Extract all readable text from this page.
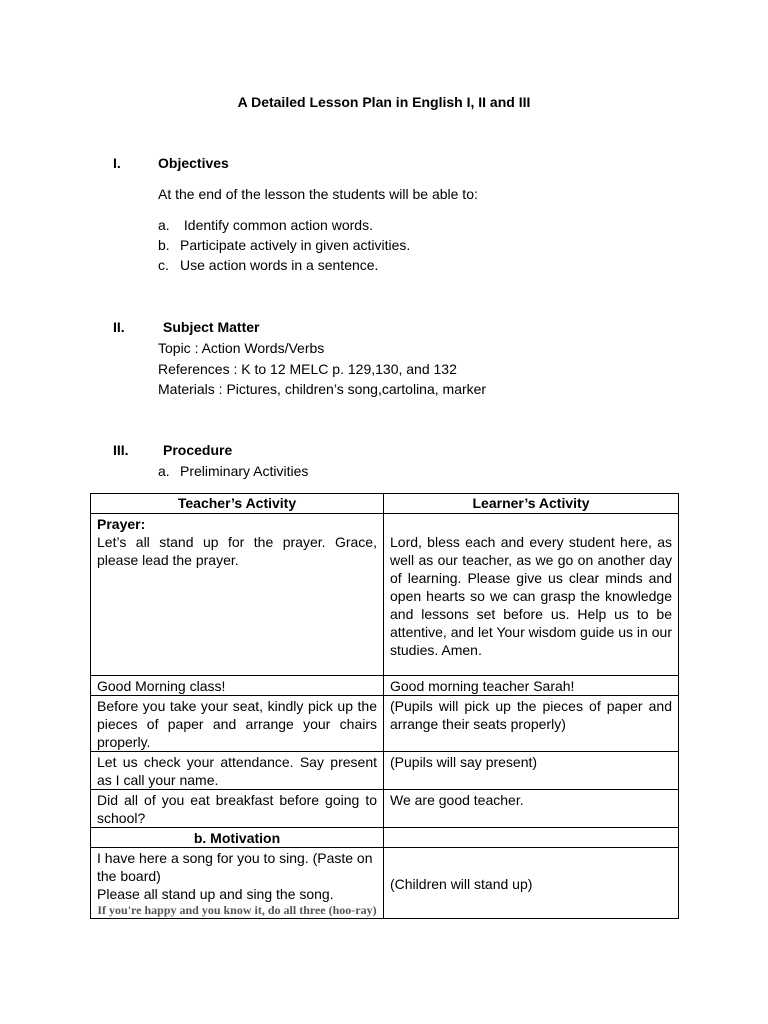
A Detailed Lesson Plan in English I, II and III
I.	Objectives
At the end of the lesson the students will be able to:
a. Identify common action words.
b. Participate actively in given activities.
c. Use action words in a sentence.
II.	Subject Matter
Topic : Action Words/Verbs
References : K to 12 MELC p. 129,130, and 132
Materials : Pictures, children’s song,cartolina, marker
III. Procedure
a. Preliminary Activities
Teacher’s Activity	Learner’s Activity

Prayer:
Let’s all stand up for the prayer. Grace, please lead the prayer.	Lord, bless each and every student here, as well as our teacher, as we go on another day of learning. Please give us clear minds and open hearts so we can grasp the knowledge and lessons set before us. Help us to be attentive, and let Your wisdom guide us in our studies. Amen.

Good Morning class!	Good morning teacher Sarah!
Before you take your seat, kindly pick up the pieces of paper and arrange your chairs properly.	(Pupils will pick up the pieces of paper and arrange their seats properly)
Let us check your attendance. Say present as I call your name.	(Pupils will say present)
Did all of you eat breakfast before going to school?	We are good teacher.
b. Motivation	

I have here a song for you to sing. (Paste on the board)
Please all stand up and sing the song.
If you're happy and you know it, do all three (hoo-ray)	(Children will stand up)
